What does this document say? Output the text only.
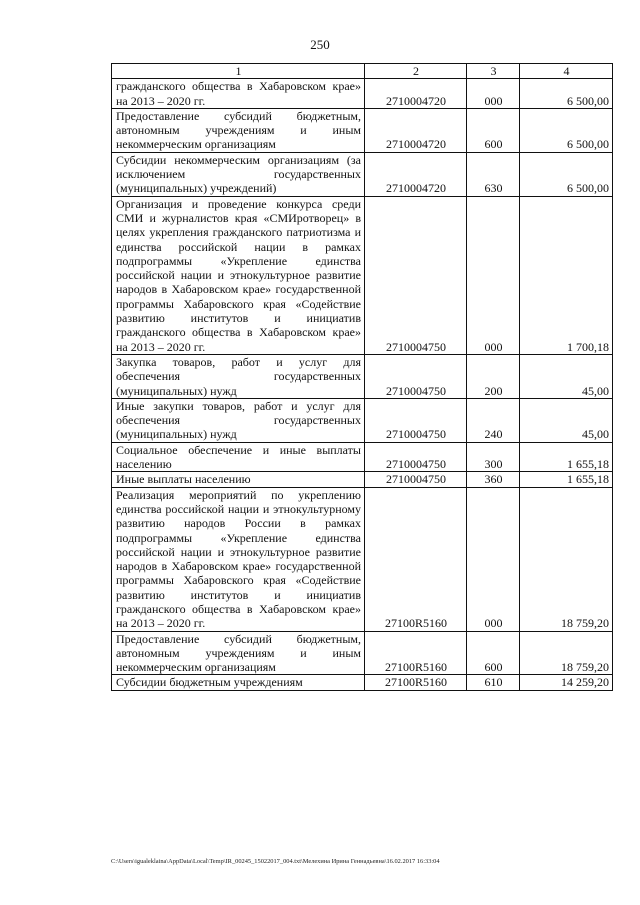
250
1	2	3	4
гражданского общества в Хабаровском крае» на 2013 – 2020 гг.	2710004720	000	6 500,00
Предоставление субсидий бюджетным, автономным учреждениям и иным некоммерческим организациям	2710004720	600	6 500,00
Субсидии некоммерческим организациям (за исключением государственных (муниципальных) учреждений)	2710004720	630	6 500,00
Организация и проведение конкурса среди СМИ и журналистов края «СМИротворец» в целях укрепления гражданского патриотизма и единства российской нации в рамках подпрограммы «Укрепление единства российской нации и этнокультурное развитие народов в Хабаровском крае» государственной программы Хабаровского края «Содействие развитию институтов и инициатив гражданского общества в Хабаровском крае» на 2013 – 2020 гг.	2710004750	000	1 700,18
Закупка товаров, работ и услуг для обеспечения государственных (муниципальных) нужд	2710004750	200	45,00
Иные закупки товаров, работ и услуг для обеспечения государственных (муниципальных) нужд	2710004750	240	45,00
Социальное обеспечение и иные выплаты населению	2710004750	300	1 655,18
Иные выплаты населению	2710004750	360	1 655,18
Реализация мероприятий по укреплению единства российской нации и этнокультурному развитию народов России в рамках подпрограммы «Укрепление единства российской нации и этнокультурное развитие народов в Хабаровском крае» государственной программы Хабаровского края «Содействие развитию институтов и инициатив гражданского общества в Хабаровском крае» на 2013 – 2020 гг.	27100R5160	000	18 759,20
Предоставление субсидий бюджетным, автономным учреждениям и иным некоммерческим организациям	27100R5160	600	18 759,20
Субсидии бюджетным учреждениям	27100R5160	610	14 259,20
C:\Users\igualeklaina\AppData\Local\Temp\IR_00245_15022017_004.txt\Мелехина Ирина Геннадьевна\16.02.2017 16:33:04
